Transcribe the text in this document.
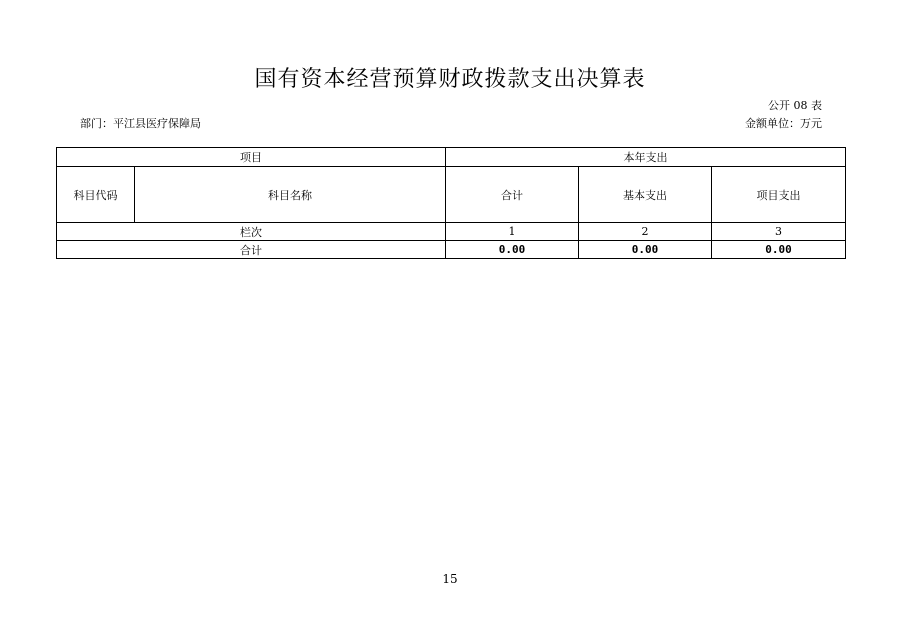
国有资本经营预算财政拨款支出决算表
公开 08 表
部门：平江县医疗保障局	金额单位：万元
项目		本年支出		
科目代码	科目名称	合计	基本支出	项目支出
栏次		1	2	3
合计		0.00	0.00	0.00
15
